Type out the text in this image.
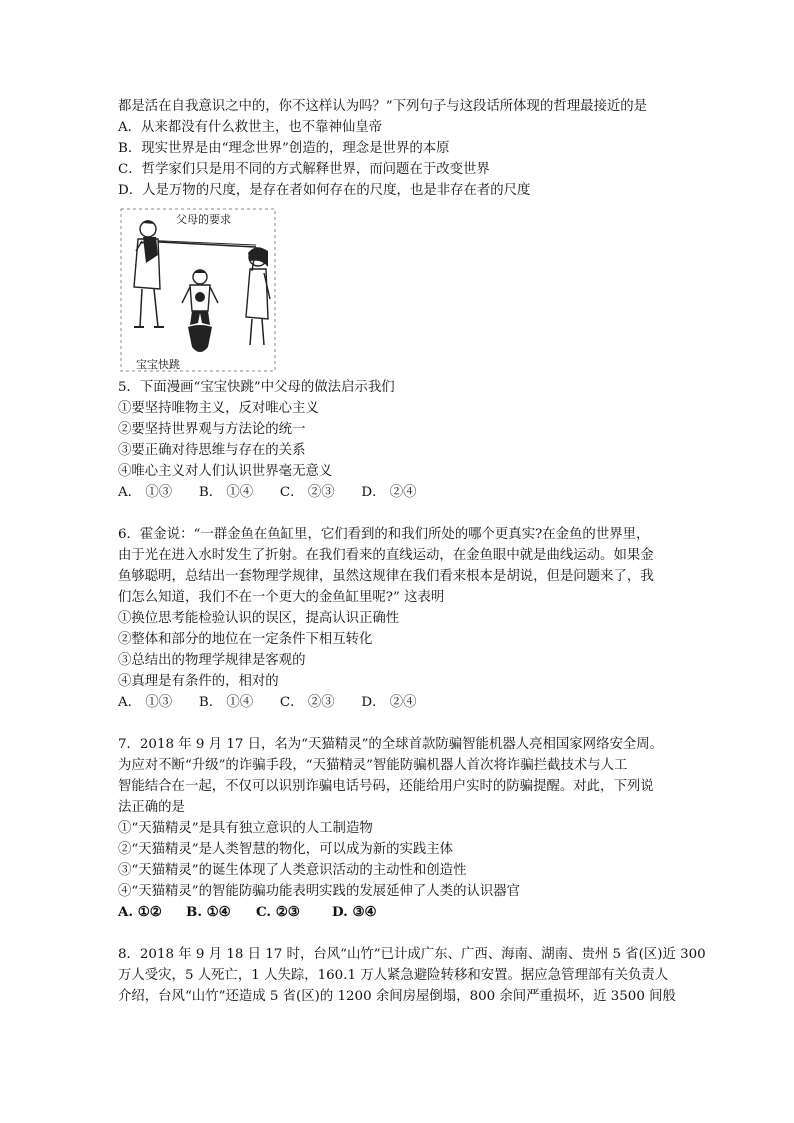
都是活在自我意识之中的，你不这样认为吗？”下列句子与这段话所体现的哲理最接近的是

A．从来都没有什么救世主，也不靠神仙皇帝

B．现实世界是由“理念世界”创造的，理念是世界的本原

C．哲学家们只是用不同的方式解释世界，而问题在于改变世界

D．人是万物的尺度，是存在者如何存在的尺度，也是非存在者的尺度

父母的要求
宝宝快跳

5．下面漫画“宝宝快跳”中父母的做法启示我们

①要坚持唯物主义，反对唯心主义

②要坚持世界观与方法论的统一

③要正确对待思维与存在的关系

④唯心主义对人们认识世界毫无意义

A． ①③　　B． ①④　　C． ②③　　D． ②④

6．霍金说：“一群金鱼在鱼缸里，它们看到的和我们所处的哪个更真实?在金鱼的世界里，

由于光在进入水时发生了折射。在我们看来的直线运动，在金鱼眼中就是曲线运动。如果金

鱼够聪明，总结出一套物理学规律，虽然这规律在我们看来根本是胡说，但是问题来了，我

们怎么知道，我们不在一个更大的金鱼缸里呢?” 这表明

①换位思考能检验认识的误区，提高认识正确性

②整体和部分的地位在一定条件下相互转化

③总结出的物理学规律是客观的

④真理是有条件的，相对的

A． ①③　　B． ①④　　C． ②③　　D． ②④

7．2018 年 9 月 17 日，名为“天猫精灵”的全球首款防骗智能机器人亮相国家网络安全周。

为应对不断“升级”的诈骗手段，“天猫精灵”智能防骗机器人首次将诈骗拦截技术与人工

智能结合在一起，不仅可以识别诈骗电话号码，还能给用户实时的防骗提醒。对此，下列说

法正确的是

①“天猫精灵”是具有独立意识的人工制造物

②“天猫精灵”是人类智慧的物化，可以成为新的实践主体

③“天猫精灵”的诞生体现了人类意识活动的主动性和创造性

④“天猫精灵”的智能防骗功能表明实践的发展延伸了人类的认识器官

A. ①② B. ①④ C. ②③ D. ③④

8．2018 年 9 月 18 日 17 时，台风“山竹”已计成广东、广西、海南、湖南、贵州 5 省(区)近 300

万人受灾，5 人死亡，1 人失踪，160.1 万人紧急避险转移和安置。据应急管理部有关负责人

介绍，台风“山竹”还造成 5 省(区)的 1200 余间房屋倒塌，800 余间严重损坏，近 3500 间般
